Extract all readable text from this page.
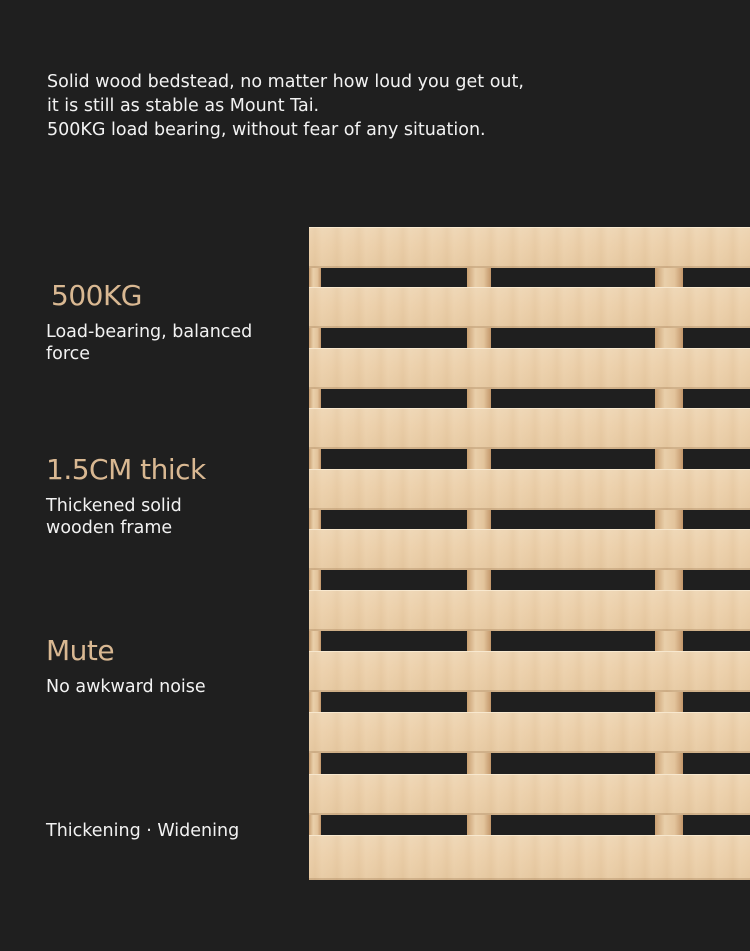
Solid wood bedstead, no matter how loud you get out,
it is still as stable as Mount Tai.
500KG load bearing, without fear of any situation.
500KG
Load-bearing, balanced
force
1.5CM thick
Thickened solid
wooden frame
Mute
No awkward noise
Thickening · Widening
